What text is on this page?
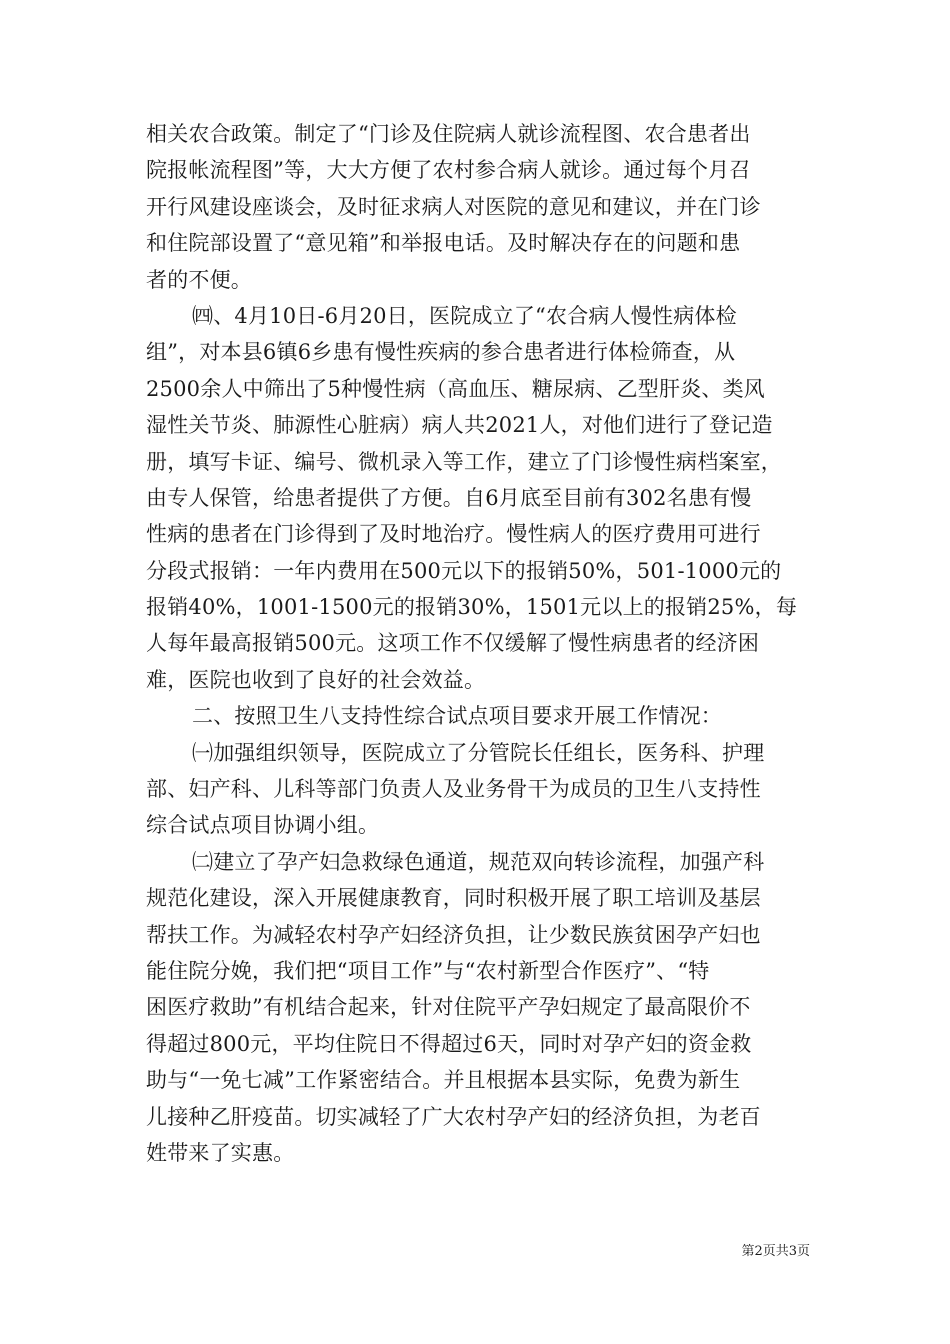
相关农合政策。制定了“门诊及住院病人就诊流程图、农合患者出
院报帐流程图”等，大大方便了农村参合病人就诊。通过每个月召
开行风建设座谈会，及时征求病人对医院的意见和建议，并在门诊
和住院部设置了“意见箱”和举报电话。及时解决存在的问题和患
者的不便。
㈣、4月10日-6月20日，医院成立了“农合病人慢性病体检
组”，对本县6镇6乡患有慢性疾病的参合患者进行体检筛查，从
2500余人中筛出了5种慢性病（高血压、糖尿病、乙型肝炎、类风
湿性关节炎、肺源性心脏病）病人共2021人，对他们进行了登记造
册，填写卡证、编号、微机录入等工作，建立了门诊慢性病档案室，
由专人保管，给患者提供了方便。自6月底至目前有302名患有慢
性病的患者在门诊得到了及时地治疗。慢性病人的医疗费用可进行
分段式报销：一年内费用在500元以下的报销50%，501-1000元的
报销40%，1001-1500元的报销30%，1501元以上的报销25%，每
人每年最高报销500元。这项工作不仅缓解了慢性病患者的经济困
难，医院也收到了良好的社会效益。
二、按照卫生八支持性综合试点项目要求开展工作情况：
㈠加强组织领导，医院成立了分管院长任组长，医务科、护理
部、妇产科、儿科等部门负责人及业务骨干为成员的卫生八支持性
综合试点项目协调小组。
㈡建立了孕产妇急救绿色通道，规范双向转诊流程，加强产科
规范化建设，深入开展健康教育，同时积极开展了职工培训及基层
帮扶工作。为减轻农村孕产妇经济负担，让少数民族贫困孕产妇也
能住院分娩，我们把“项目工作”与“农村新型合作医疗”、“特
困医疗救助”有机结合起来，针对住院平产孕妇规定了最高限价不
得超过800元，平均住院日不得超过6天，同时对孕产妇的资金救
助与“一免七减”工作紧密结合。并且根据本县实际，免费为新生
儿接种乙肝疫苗。切实减轻了广大农村孕产妇的经济负担，为老百
姓带来了实惠。
第2页共3页
